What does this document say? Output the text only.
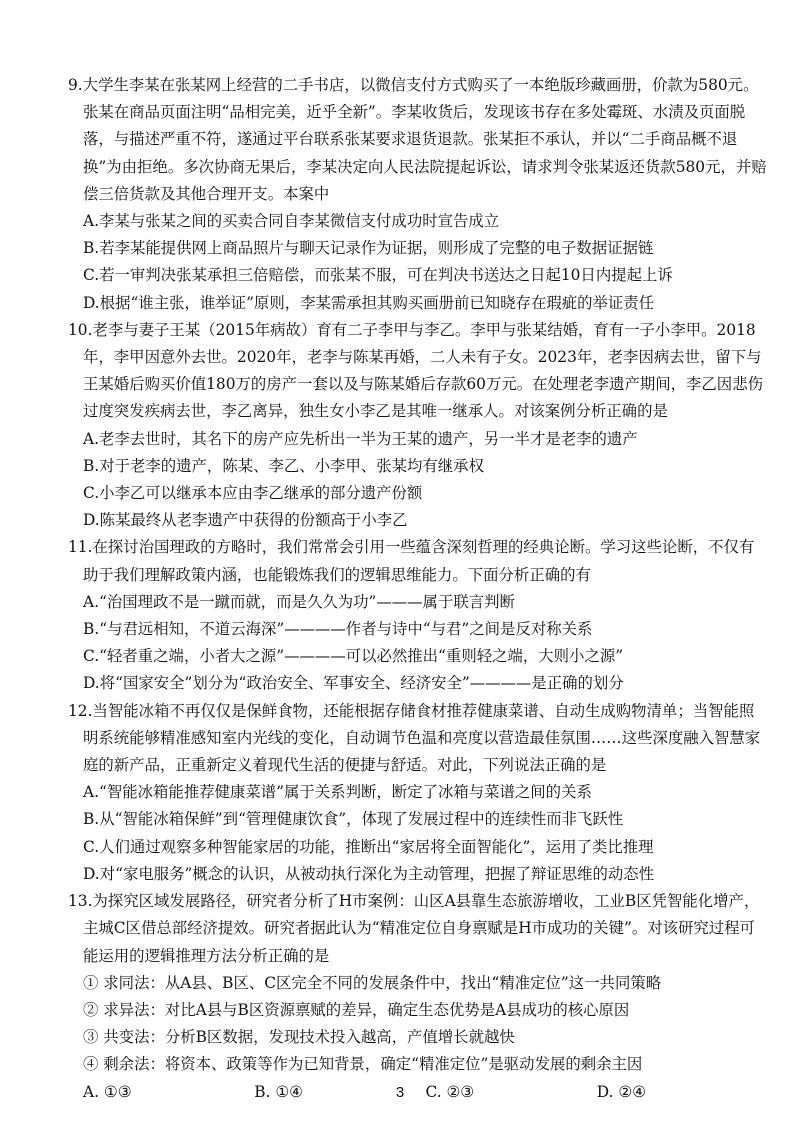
9.大学生李某在张某网上经营的二手书店，以微信支付方式购买了一本绝版珍藏画册，价款为580元。张某在商品页面注明“品相完美，近乎全新”。李某收货后，发现该书存在多处霉斑、水渍及页面脱落，与描述严重不符，遂通过平台联系张某要求退货退款。张某拒不承认，并以“二手商品概不退换”为由拒绝。多次协商无果后，李某决定向人民法院提起诉讼，请求判令张某返还货款580元，并赔偿三倍货款及其他合理开支。本案中

A.李某与张某之间的买卖合同自李某微信支付成功时宣告成立

B.若李某能提供网上商品照片与聊天记录作为证据，则形成了完整的电子数据证据链

C.若一审判决张某承担三倍赔偿，而张某不服，可在判决书送达之日起10日内提起上诉

D.根据“谁主张，谁举证”原则，李某需承担其购买画册前已知晓存在瑕疵的举证责任

10.老李与妻子王某（2015年病故）育有二子李甲与李乙。李甲与张某结婚，育有一子小李甲。2018年，李甲因意外去世。2020年，老李与陈某再婚，二人未有子女。2023年，老李因病去世，留下与王某婚后购买价值180万的房产一套以及与陈某婚后存款60万元。在处理老李遗产期间，李乙因悲伤过度突发疾病去世，李乙离异，独生女小李乙是其唯一继承人。对该案例分析正确的是

A.老李去世时，其名下的房产应先析出一半为王某的遗产，另一半才是老李的遗产

B.对于老李的遗产，陈某、李乙、小李甲、张某均有继承权

C.小李乙可以继承本应由李乙继承的部分遗产份额

D.陈某最终从老李遗产中获得的份额高于小李乙

11.在探讨治国理政的方略时，我们常常会引用一些蕴含深刻哲理的经典论断。学习这些论断，不仅有助于我们理解政策内涵，也能锻炼我们的逻辑思维能力。下面分析正确的有

A.“治国理政不是一蹴而就，而是久久为功”———属于联言判断

B.“与君远相知，不道云海深”————作者与诗中“与君”之间是反对称关系

C.“轻者重之端，小者大之源”————可以必然推出“重则轻之端，大则小之源”

D.将“国家安全”划分为“政治安全、军事安全、经济安全”————是正确的划分

12.当智能冰箱不再仅仅是保鲜食物，还能根据存储食材推荐健康菜谱、自动生成购物清单；当智能照明系统能够精准感知室内光线的变化，自动调节色温和亮度以营造最佳氛围……这些深度融入智慧家庭的新产品，正重新定义着现代生活的便捷与舒适。对此，下列说法正确的是

A.“智能冰箱能推荐健康菜谱”属于关系判断，断定了冰箱与菜谱之间的关系

B.从“智能冰箱保鲜”到“管理健康饮食”，体现了发展过程中的连续性而非飞跃性

C.人们通过观察多种智能家居的功能，推断出“家居将全面智能化”，运用了类比推理

D.对“家电服务”概念的认识，从被动执行深化为主动管理，把握了辩证思维的动态性

13.为探究区域发展路径，研究者分析了H市案例：山区A县靠生态旅游增收，工业B区凭智能化增产，主城C区借总部经济提效。研究者据此认为“精准定位自身禀赋是H市成功的关键”。对该研究过程可能运用的逻辑推理方法分析正确的是

① 求同法：从A县、B区、C区完全不同的发展条件中，找出“精准定位”这一共同策略

② 求异法：对比A县与B区资源禀赋的差异，确定生态优势是A县成功的核心原因

③ 共变法：分析B区数据，发现技术投入越高，产值增长就越快

④ 剩余法：将资本、政策等作为已知背景，确定“精准定位”是驱动发展的剩余主因

A. ①③	B. ①④	C. ②③	D. ②④
3
